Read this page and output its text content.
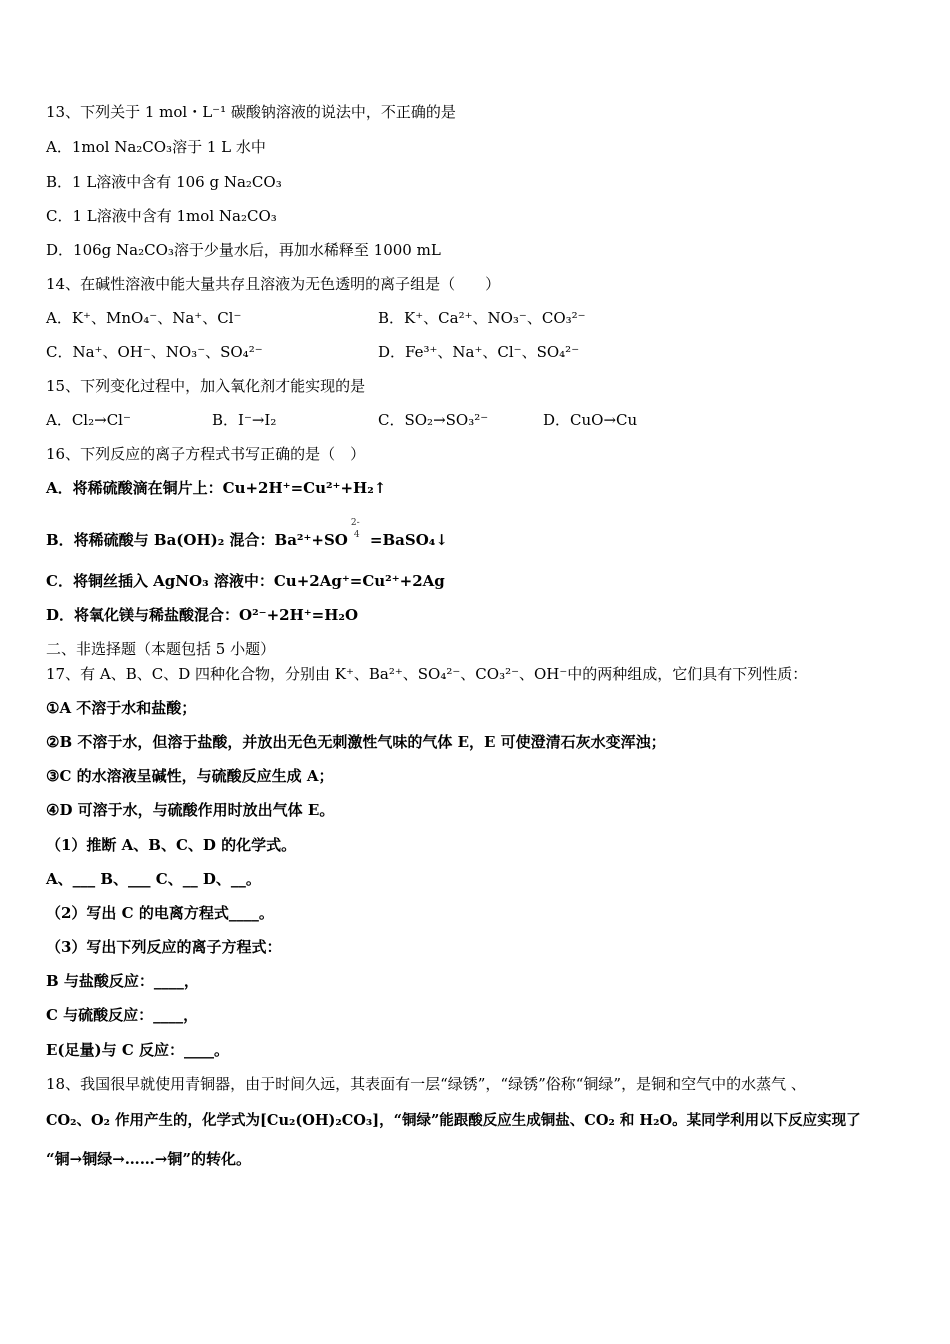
13、下列关于 1 mol・L⁻¹ 碳酸钠溶液的说法中，不正确的是
A．1mol Na₂CO₃溶于 1 L 水中
B．1 L溶液中含有 106 g Na₂CO₃
C．1 L溶液中含有 1mol Na₂CO₃
D．106g Na₂CO₃溶于少量水后，再加水稀释至 1000 mL
14、在碱性溶液中能大量共存且溶液为无色透明的离子组是（　　）
A．K⁺、MnO₄⁻、Na⁺、Cl⁻	B．K⁺、Ca²⁺、NO₃⁻、CO₃²⁻
C．Na⁺、OH⁻、NO₃⁻、SO₄²⁻	D．Fe³⁺、Na⁺、Cl⁻、SO₄²⁻
15、下列变化过程中，加入氧化剂才能实现的是
A．Cl₂→Cl⁻	B．I⁻→I₂	C．SO₂→SO₃²⁻	D．CuO→Cu
16、下列反应的离子方程式书写正确的是（　）
A．将稀硫酸滴在铜片上：Cu+2H⁺=Cu²⁺+H₂↑
B．将稀硫酸与 Ba(OH)₂ 混合：Ba²⁺+SO
2-
4 =BaSO₄↓
C．将铜丝插入 AgNO₃ 溶液中：Cu+2Ag⁺=Cu²⁺+2Ag
D．将氧化镁与稀盐酸混合：O²⁻+2H⁺=H₂O
二、非选择题（本题包括 5 小题）
17、有 A、B、C、D 四种化合物，分别由 K⁺、Ba²⁺、SO₄²⁻、CO₃²⁻、OH⁻中的两种组成，它们具有下列性质：
①A 不溶于水和盐酸；
②B 不溶于水，但溶于盐酸，并放出无色无刺激性气味的气体 E，E 可使澄清石灰水变浑浊；
③C 的水溶液呈碱性，与硫酸反应生成 A；
④D 可溶于水，与硫酸作用时放出气体 E。
（1）推断 A、B、C、D 的化学式。
A、___ B、___ C、__ D、__。
（2）写出 C 的电离方程式____。
（3）写出下列反应的离子方程式：
B 与盐酸反应：____，
C 与硫酸反应：____，
E(足量)与 C 反应：____。
18、我国很早就使用青铜器，由于时间久远，其表面有一层“绿锈”，“绿锈”俗称“铜绿”，是铜和空气中的水蒸气 、
CO₂、O₂ 作用产生的，化学式为[Cu₂(OH)₂CO₃]，“铜绿”能跟酸反应生成铜盐、CO₂ 和 H₂O。某同学利用以下反应实现了
“铜→铜绿→……→铜”的转化。
